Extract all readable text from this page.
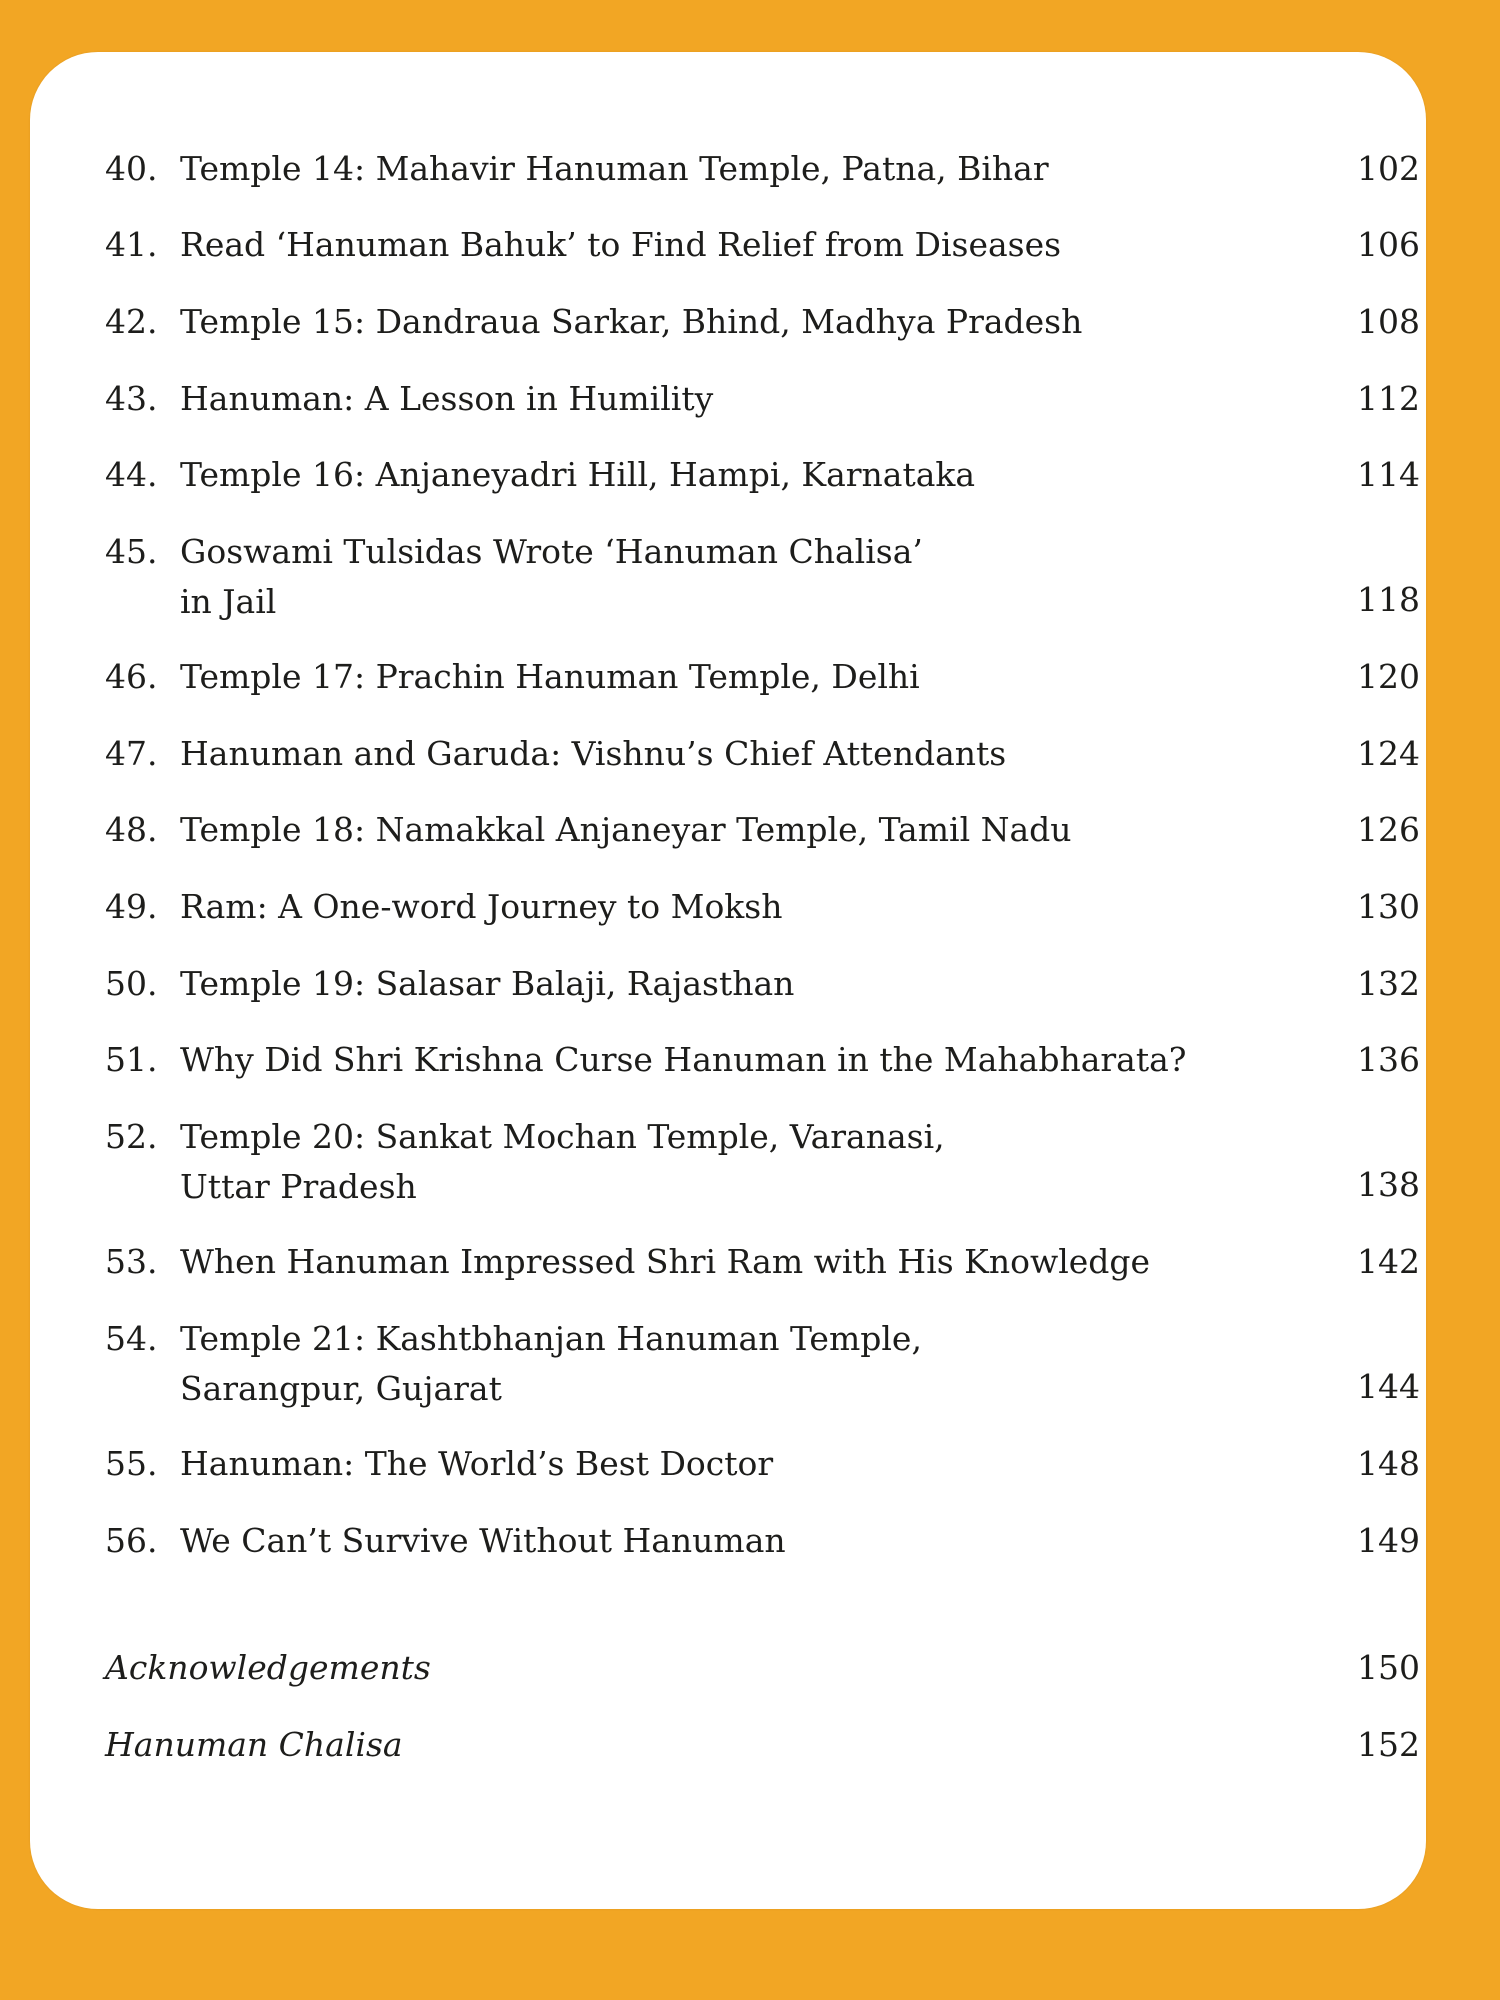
40. Temple 14: Mahavir Hanuman Temple, Patna, Bihar	102
41. Read ‘Hanuman Bahuk’ to Find Relief from Diseases	106
42. Temple 15: Dandraua Sarkar, Bhind, Madhya Pradesh	108
43. Hanuman: A Lesson in Humility	112
44. Temple 16: Anjaneyadri Hill, Hampi, Karnataka	114
45. Goswami Tulsidas Wrote ‘Hanuman Chalisa’
in Jail	118
46. Temple 17: Prachin Hanuman Temple, Delhi	120
47. Hanuman and Garuda: Vishnu’s Chief Attendants	124
48. Temple 18: Namakkal Anjaneyar Temple, Tamil Nadu	126
49. Ram: A One-word Journey to Moksh	130
50. Temple 19: Salasar Balaji, Rajasthan	132
51. Why Did Shri Krishna Curse Hanuman in the Mahabharata?	136
52. Temple 20: Sankat Mochan Temple, Varanasi,
Uttar Pradesh	138
53. When Hanuman Impressed Shri Ram with His Knowledge	142
54. Temple 21: Kashtbhanjan Hanuman Temple,
Sarangpur, Gujarat	144
55. Hanuman: The World’s Best Doctor	148
56. We Can’t Survive Without Hanuman	149
Acknowledgements	150
Hanuman Chalisa	152
